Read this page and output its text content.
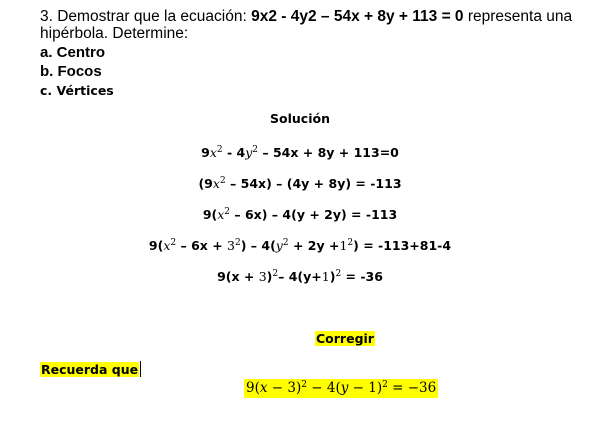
3. Demostrar que la ecuación: 9x2 - 4y2 – 54x + 8y + 113 = 0 representa una
hipérbola. Determine:
a. Centro
b. Focos
c. Vértices
Solución
$9x^2 - 4y^2 - 54x + 8y + 113=0$
$(9x^2 - 54x) - (4y + 8y) = -113$
$9(x^2 - 6x) - 4(y + 2y) = -113$
$9(x^2 - 6x + 3^2) - 4(y^2 + 2y +1^2) = -113+81-4$
$9(x + 3)^2-$ $4(y+1)^2 = -36$
Corregir
Recuerda que
$9(x - 3)^2 - 4(y - 1)^2 = -36$
